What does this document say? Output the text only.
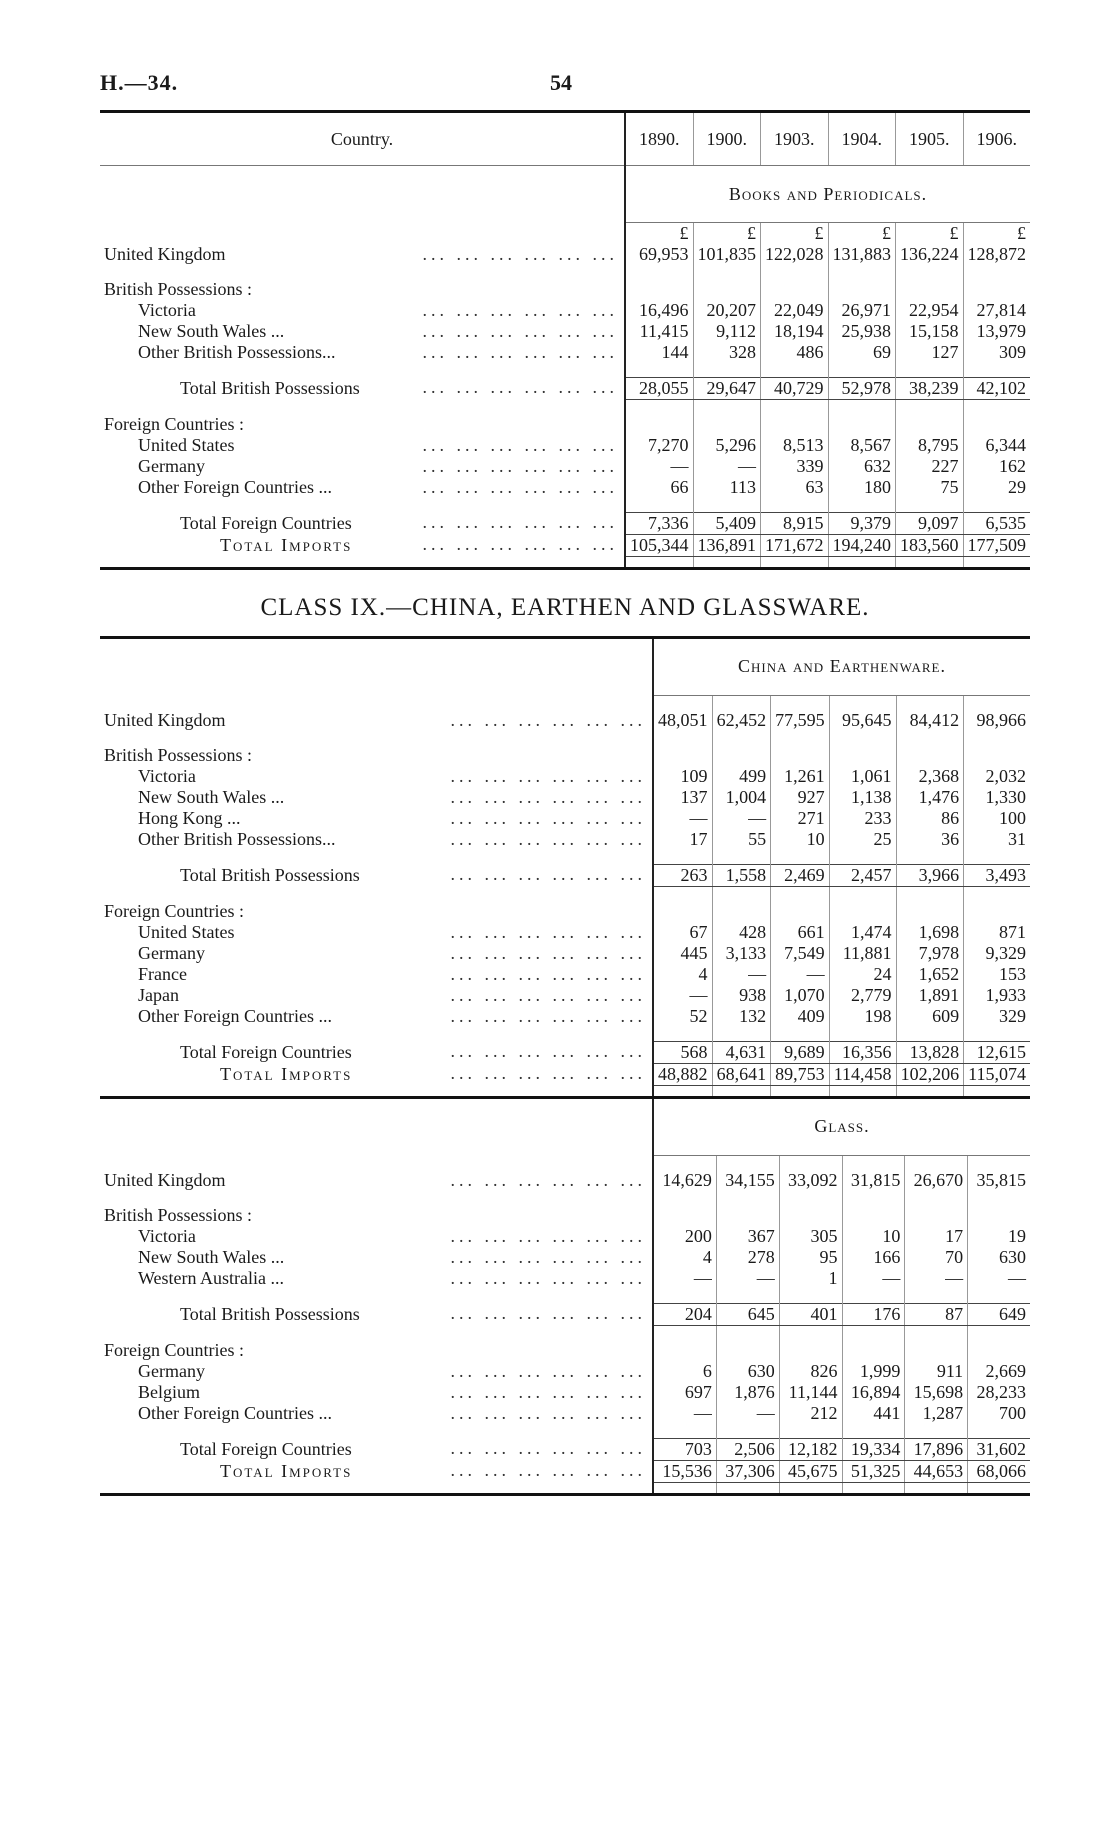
H.—34.	54
Country.	1890.	1900.	1903.	1904.	1905.	1906.
	Books and Periodicals.					
	£	£	£	£	£	£
United Kingdom ... ... ... ... ... ...	69,953	101,835	122,028	131,883	136,224	128,872

British Possessions :						
Victoria ... ... ... ... ... ...	16,496	20,207	22,049	26,971	22,954	27,814
New South Wales ... ... ... ... ... ... ...	11,415	9,112	18,194	25,938	15,158	13,979
Other British Possessions... ... ... ... ... ... ...	144	328	486	69	127	309

Total British Possessions ... ... ... ... ... ...	28,055	29,647	40,729	52,978	38,239	42,102

Foreign Countries :						
United States ... ... ... ... ... ...	7,270	5,296	8,513	8,567	8,795	6,344
Germany ... ... ... ... ... ...	—	—	339	632	227	162
Other Foreign Countries ... ... ... ... ... ... ...	66	113	63	180	75	29

Total Foreign Countries ... ... ... ... ... ...	7,336	5,409	8,915	9,379	9,097	6,535
Total Imports ... ... ... ... ... ...	105,344	136,891	171,672	194,240	183,560	177,509

CLASS IX.—CHINA, EARTHEN AND GLASSWARE.
	China and Earthenware.					

United Kingdom ... ... ... ... ... ...	48,051	62,452	77,595	95,645	84,412	98,966

British Possessions :						
Victoria ... ... ... ... ... ...	109	499	1,261	1,061	2,368	2,032
New South Wales ... ... ... ... ... ... ...	137	1,004	927	1,138	1,476	1,330
Hong Kong ... ... ... ... ... ... ...	—	—	271	233	86	100
Other British Possessions... ... ... ... ... ... ...	17	55	10	25	36	31

Total British Possessions ... ... ... ... ... ...	263	1,558	2,469	2,457	3,966	3,493

Foreign Countries :						
United States ... ... ... ... ... ...	67	428	661	1,474	1,698	871
Germany ... ... ... ... ... ...	445	3,133	7,549	11,881	7,978	9,329
France ... ... ... ... ... ...	4	—	—	24	1,652	153
Japan ... ... ... ... ... ...	—	938	1,070	2,779	1,891	1,933
Other Foreign Countries ... ... ... ... ... ... ...	52	132	409	198	609	329

Total Foreign Countries ... ... ... ... ... ...	568	4,631	9,689	16,356	13,828	12,615
Total Imports ... ... ... ... ... ...	48,882	68,641	89,753	114,458	102,206	115,074

	Glass.					

United Kingdom ... ... ... ... ... ...	14,629	34,155	33,092	31,815	26,670	35,815

British Possessions :						
Victoria ... ... ... ... ... ...	200	367	305	10	17	19
New South Wales ... ... ... ... ... ... ...	4	278	95	166	70	630
Western Australia ... ... ... ... ... ... ...	—	—	1	—	—	—

Total British Possessions ... ... ... ... ... ...	204	645	401	176	87	649

Foreign Countries :						
Germany ... ... ... ... ... ...	6	630	826	1,999	911	2,669
Belgium ... ... ... ... ... ...	697	1,876	11,144	16,894	15,698	28,233
Other Foreign Countries ... ... ... ... ... ... ...	—	—	212	441	1,287	700

Total Foreign Countries ... ... ... ... ... ...	703	2,506	12,182	19,334	17,896	31,602
Total Imports ... ... ... ... ... ...	15,536	37,306	45,675	51,325	44,653	68,066
